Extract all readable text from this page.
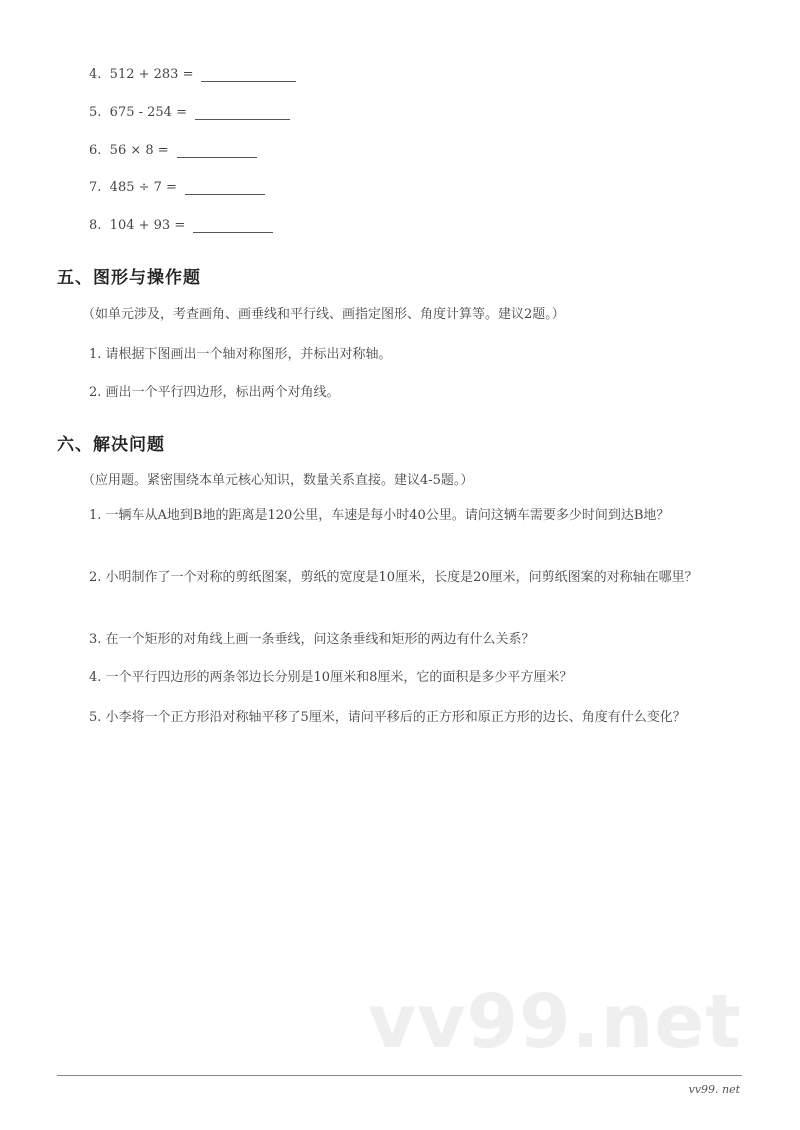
4.
512 + 283 =
5.
675 - 254 =
6.
56 × 8 =
7.
485 ÷ 7 =
8.
104 + 93 =
五、图形与操作题
（如单元涉及，考查画角、画垂线和平行线、画指定图形、角度计算等。建议2题。）
1. 请根据下图画出一个轴对称图形，并标出对称轴。
2. 画出一个平行四边形，标出两个对角线。
六、解决问题
（应用题。紧密围绕本单元核心知识，数量关系直接。建议4-5题。）
1. 一辆车从A地到B地的距离是120公里，车速是每小时40公里。请问这辆车需要多少时间到达B地？
2. 小明制作了一个对称的剪纸图案，剪纸的宽度是10厘米，长度是20厘米，问剪纸图案的对称轴在哪里？
3. 在一个矩形的对角线上画一条垂线，问这条垂线和矩形的两边有什么关系？
4. 一个平行四边形的两条邻边长分别是10厘米和8厘米，它的面积是多少平方厘米？
5. 小李将一个正方形沿对称轴平移了5厘米，请问平移后的正方形和原正方形的边长、角度有什么变化？
vv99.net
vv99. net
